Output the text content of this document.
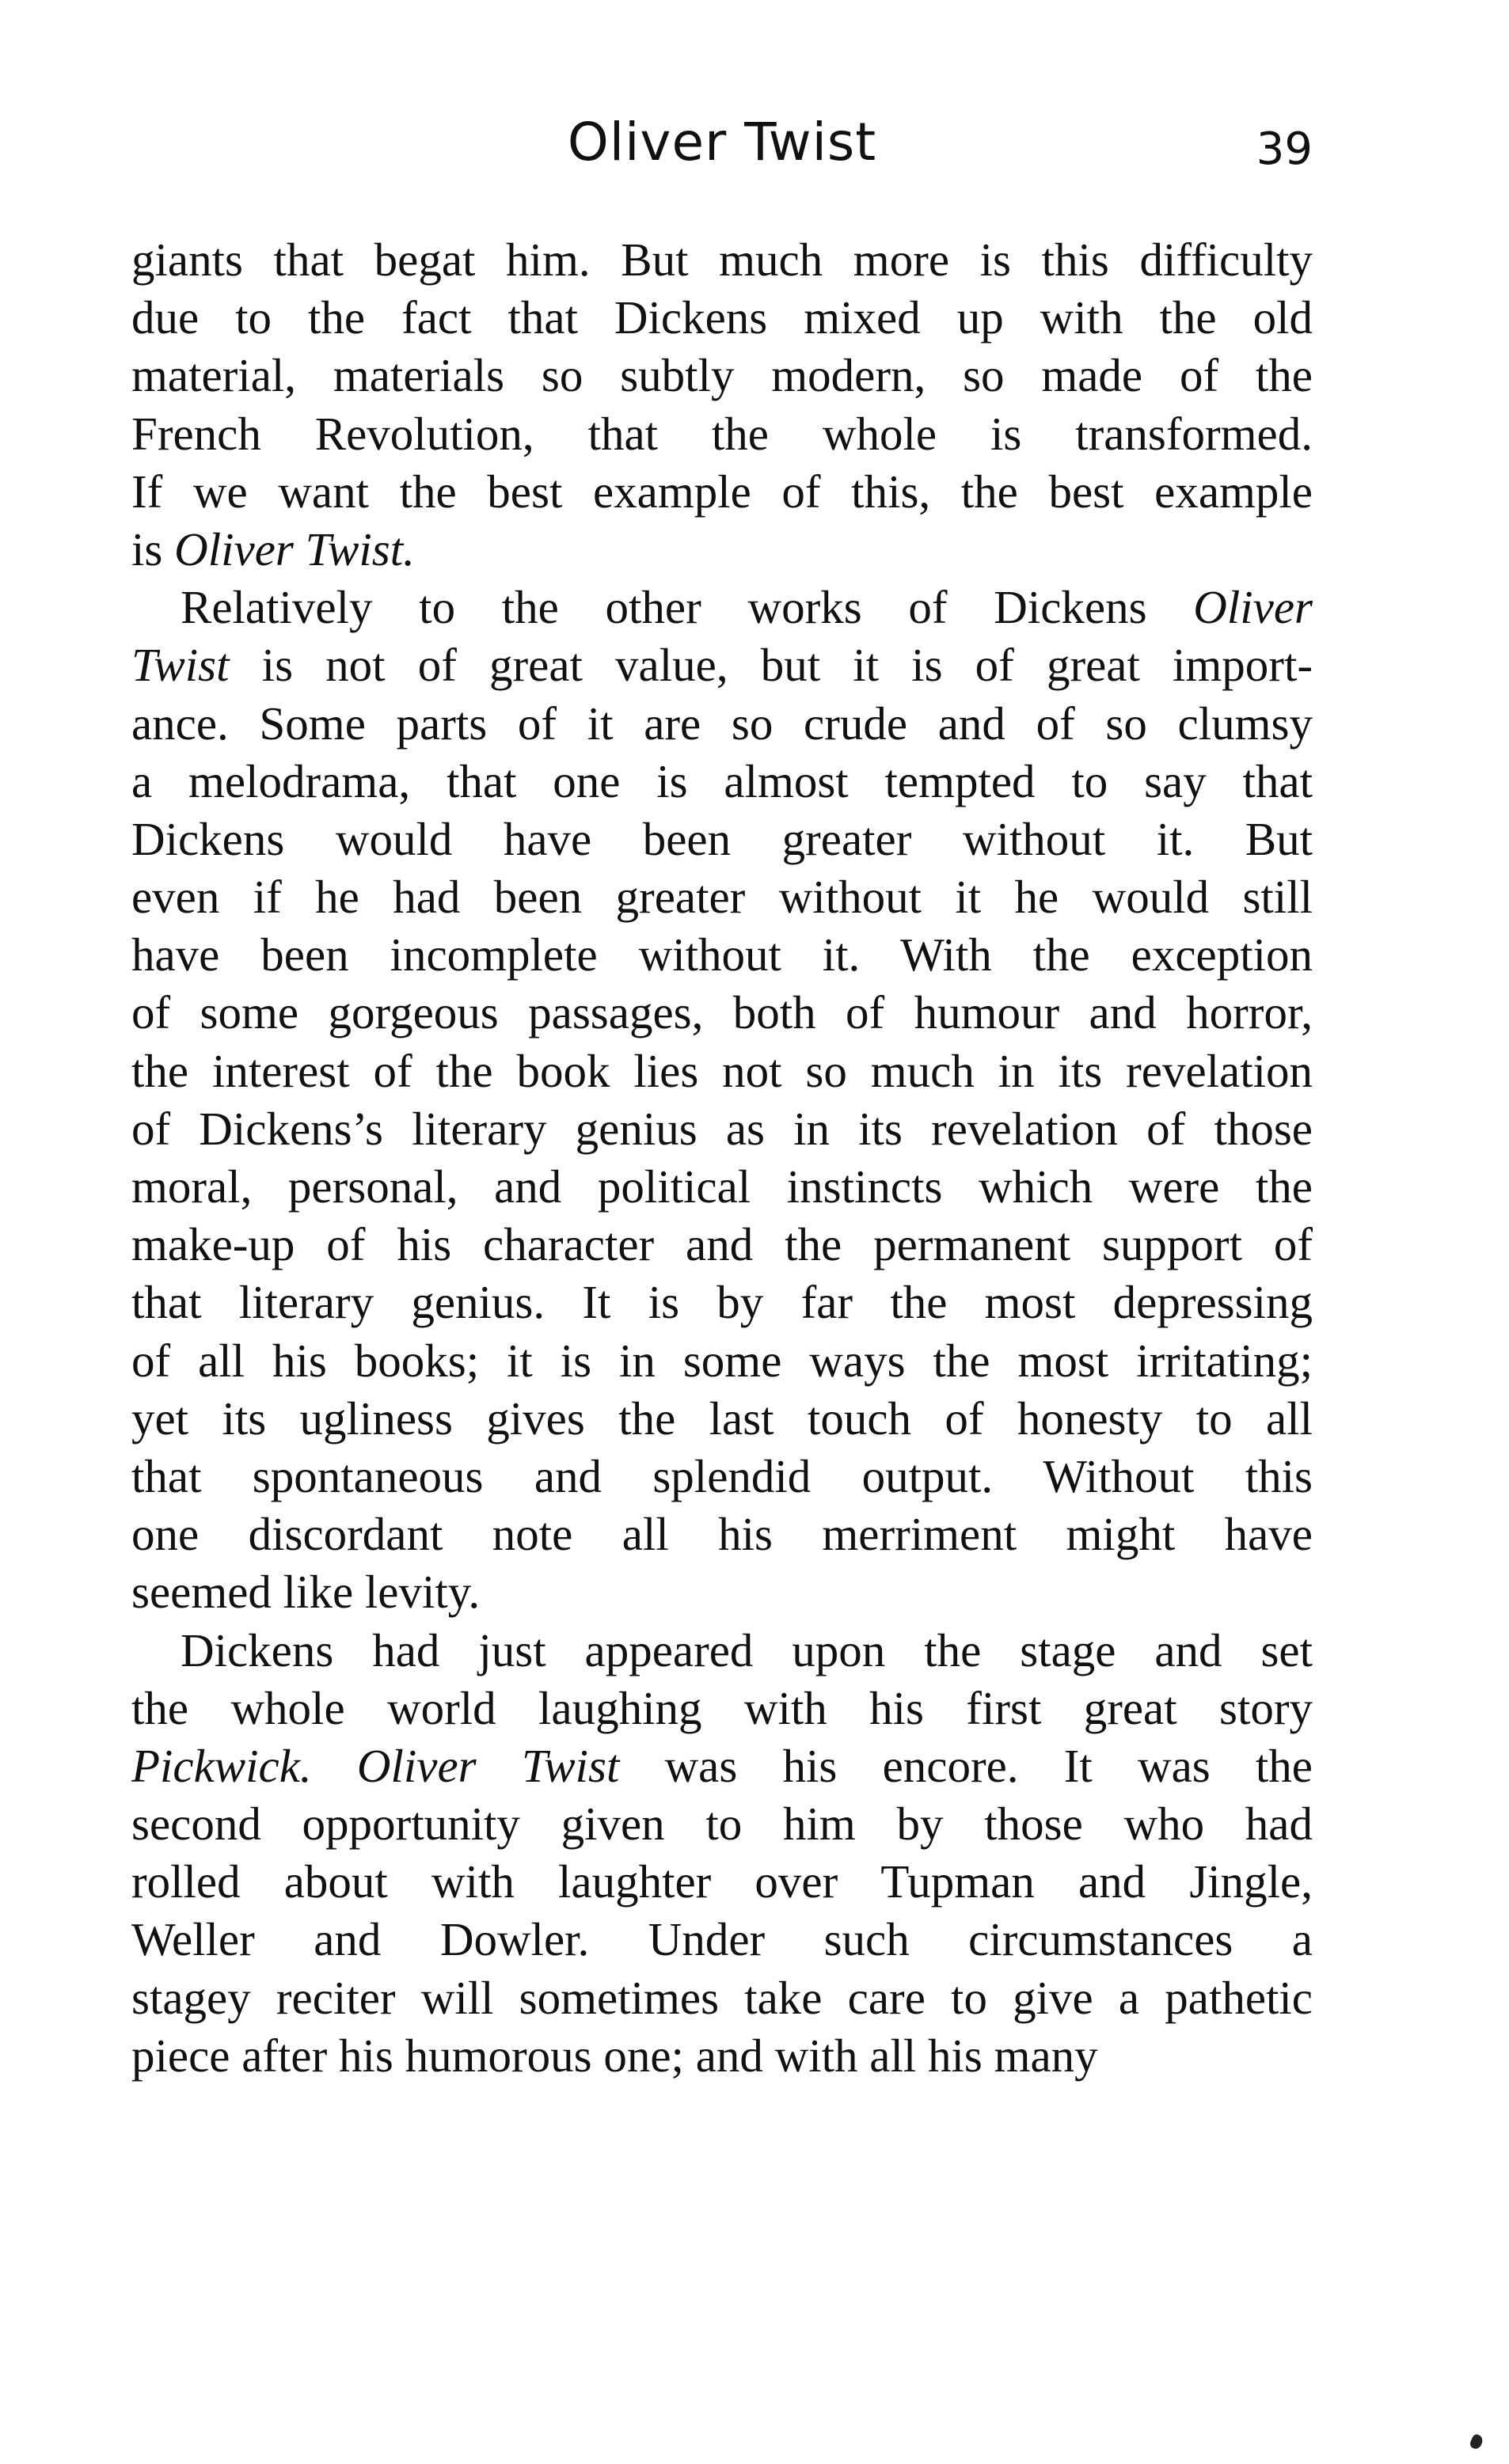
Oliver Twist	39
giants that begat him. But much more is this difficulty
due to the fact that Dickens mixed up with the old
material, materials so subtly modern, so made of the
French Revolution, that the whole is transformed.
If we want the best example of this, the best example
is Oliver Twist.
Relatively to the other works of Dickens Oliver
Twist is not of great value, but it is of great import-
ance. Some parts of it are so crude and of so clumsy
a melodrama, that one is almost tempted to say that
Dickens would have been greater without it. But
even if he had been greater without it he would still
have been incomplete without it. With the exception
of some gorgeous passages, both of humour and horror,
the interest of the book lies not so much in its revelation
of Dickens’s literary genius as in its revelation of those
moral, personal, and political instincts which were the
make-up of his character and the permanent support of
that literary genius. It is by far the most depressing
of all his books; it is in some ways the most irritating;
yet its ugliness gives the last touch of honesty to all
that spontaneous and splendid output. Without this
one discordant note all his merriment might have
seemed like levity.
Dickens had just appeared upon the stage and set
the whole world laughing with his first great story
Pickwick. Oliver Twist was his encore. It was the
second opportunity given to him by those who had
rolled about with laughter over Tupman and Jingle,
Weller and Dowler. Under such circumstances a
stagey reciter will sometimes take care to give a pathetic
piece after his humorous one; and with all his many
